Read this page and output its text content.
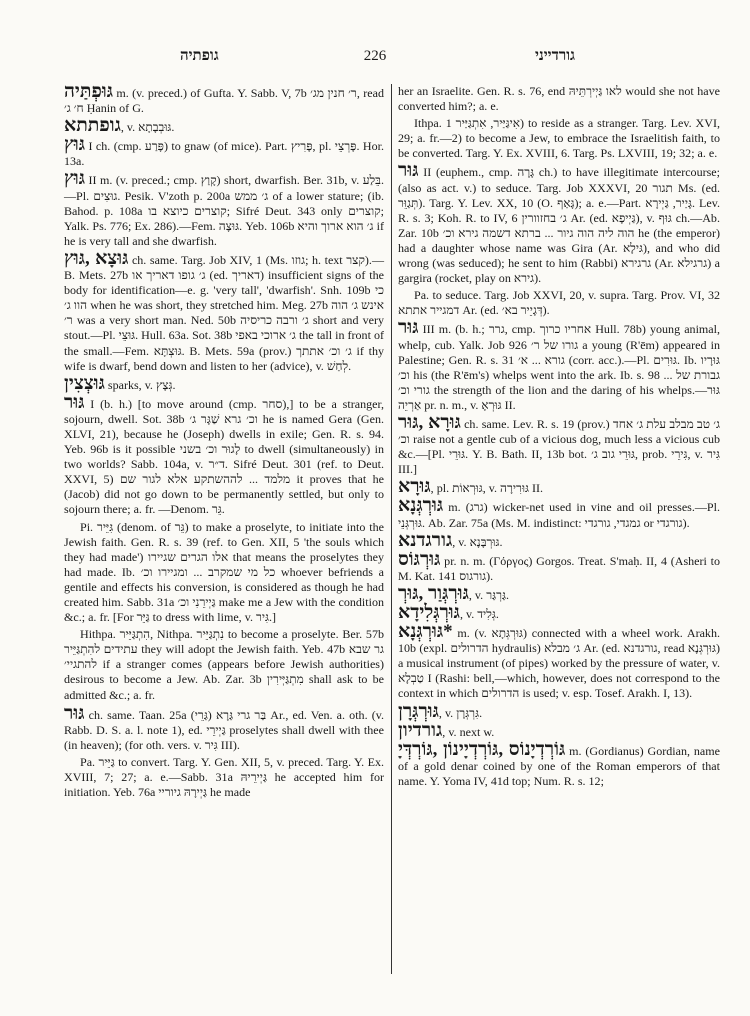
גופתיה	226	גורדייני
גּוּפְתַּיה m. (v. preced.) of Gufta. Y. Sabb. V, 7b ר׳ חנין מג׳, read ח׳ ג׳ Ḥanin of G.
גופתתא, v. גּוּבְבָתָא.
גּוּץ I ch. (cmp. פָּרַע) to gnaw (of mice). Part. פָּרִיץ, pl. פָּרְצֵי. Hor. 13a.
גּוּץ II m. (v. preced.; cmp. קָוַץ) short, dwarfish. Ber. 31b, v. בֵּלַע.—Pl. גוּצִים. Pesik. V'zoth p. 200a ג׳ ממש of a lower stature; (ib. Bahod. p. 108a קוצרים כיוצא בו; Sifré Deut. 343 only קוצרים; Yalk. Ps. 776; Ex. 286).—Fem. גּוּצָה. Yeb. 106b ג׳ הוא ארוך והיא if he is very tall and she dwarfish.
גּוּצָא ,גּוּץ ch. same. Targ. Job XIV, 1 (Ms. גוזו; h. text קצר).—B. Mets. 27b ג׳ גופו דאריך או (ed. דאריך) insufficient signs of the body for identification—e. g. 'very tall', 'dwarfish'. Snh. 109b כי הוו ג׳ when he was short, they stretched him. Meg. 27b אינש ג׳ הוה ר׳ was a very short man. Ned. 50b ג׳ ורבה כריסיה short and very stout.—Pl. גּוּצֵי. Hull. 63a. Sot. 38b ג׳ ארוכי באפי the tall in front of the small.—Fem. גּוּצְתָּא. B. Mets. 59a (prov.) ג׳ וכ׳ אתתך if thy wife is dwarf, bend down and listen to her (advice), v. לְחַשׁ.
גּוּצְצִין sparks, v. גְּצָץ.
גּוּר I (b. h.) [to move around (cmp. סחר),] to be a stranger, sojourn, dwell. Sot. 38b וכ׳ גרא שַׁגָּר ג׳ he is named Gera (Gen. XLVI, 21), because he (Joseph) dwells in exile; Gen. R. s. 94. Yeb. 96b is it possible לָגוּר וכ׳ בשני to dwell (simultaneously) in two worlds? Sabb. 104a, v. ד״ר. Sifré Deut. 301 (ref. to Deut. XXVI, 5) מלמד ... לההשתקע אלא לגור שם it proves that he (Jacob) did not go down to be permanently settled, but only to sojourn there; a. fr. —Denom. גֵּר.
Pi. גִּיֵּיר (denom. of גֵּר) to make a proselyte, to initiate into the Jewish faith. Gen. R. s. 39 (ref. to Gen. XII, 5 'the souls which they had made') אלו הגרים שגיירו that means the proselytes they had made. Ib. כל מי שמקרב ... ומגיירו וכ׳ whoever befriends a gentile and effects his conversion, is considered as though he had created him. Sabb. 31a גַּיְירֵנִי וכ׳ make me a Jew with the condition &c.; a. fr. [For גַּיֵּר to dress with lime, v. גִּיר.]
Hithpa. הִתְגַּיֵּיר, Nithpa. נִתְגַּיֵּיר to become a proselyte. Ber. 57b עתידים להִתְגַּיֵּיר they will adopt the Jewish faith. Yeb. 47b גר שבא להתגיי׳ if a stranger comes (appears before Jewish authorities) desirous to become a Jew. Ab. Zar. 3b מִתְגַּיְּירִין shall ask to be admitted &c.; a. fr.
גּוּר ch. same. Taan. 25a בַּר גרי גַּרָא (גַּרֵי) Ar., ed. Ven. a. oth. (v. Rabb. D. S. a. l. note 1), ed. גַּיְירֵי proselytes shall dwell with thee (in heaven); (for oth. vers. v. גִּיר III).
Pa. גַּיֵּיר to convert. Targ. Y. Gen. XII, 5, v. preced. Targ. Y. Ex. XVIII, 7; 27; a. e.—Sabb. 31a גַּיְירֵיהּ he accepted him for initiation. Yeb. 76a גַּיְירָהּ גיוריי he made
her an Israelite. Gen. R. s. 76, end לאו גַּיְירְתֵּיהּ would she not have converted him?; a. e.
Ithpa. אִיגַּיַּיר, אִתְגַּיַּיר 1) to reside as a stranger. Targ. Lev. XVI, 29; a. fr.—2) to become a Jew, to embrace the Israelitish faith, to be converted. Targ. Y. Ex. XVIII, 6. Targ. Ps. LXVIII, 19; 32; a. e.
גּוּר II (euphem., cmp. גָּרָה ch.) to have illegitimate intercourse; (also as act. v.) to seduce. Targ. Job XXXVI, 20 תגור Ms. (ed. תְּגַוֵּר). Targ. Y. Lev. XX, 10 (O. גָּאַף); a. e.—Part. גָּיַיר, גַּיְירָא. Lev. R. s. 3; Koh. R. to IV, 6 ג׳ בחזוורין Ar. (ed. גַּיְיפָא), v. גּוּף ch.—Ab. Zar. 10b הוה ליה הוה גיור ... ברתא דשמה גירא וכ׳ he (the emperor) had a daughter whose name was Gira (Ar. גּילָא), and who did wrong (was seduced); he sent to him (Rabbi) גרגירא (Ar. גרגילא) a gargira (rocket, play on גירא).
Pa. to seduce. Targ. Job XXVI, 20, v. supra. Targ. Prov. VI, 32 דמגייר אתתא Ar. (ed. דְּגָיֵיר בא׳).
גּוּר III m. (b. h.; גרר, cmp. אחריו כרוך Hull. 78b) young animal, whelp, cub. Yalk. Job 926 גורו של ר׳ a young (R'ēm) appeared in Palestine; Gen. R. s. 31 גורא ... א׳ (corr. acc.).—Pl. גּוּרִים. Ib. גּוּרָיו וכ׳ his (the R'ēm's) whelps went into the ark. Ib. s. 98 גבורת של ... גורי וכ׳ the strength of the lion and the daring of his whelps.—גּוּר אַרְיֵה pr. n. m., v. גּוּרְאָ II.
גּוּרָא ,גּוּר ch. same. Lev. R. s. 19 (prov.) ג׳ טב מבלב עלת ג׳ אחד וכ׳ raise not a gentle cub of a vicious dog, much less a vicious cub &c.—[Pl. גּוּרֵי. Y. B. Bath. II, 13b bot. גּוּרֵי גוב ג׳, prob. גִּירֵי, v. גִּיר III.]
גּוּרָא, pl. גּוּרְאוֹת, v. גּוּרִירָה II.
גּוּרְגְּנָא m. (גרג) wicker-net used in vine and oil presses.—Pl. גּוּרְגְּנֵי. Ab. Zar. 75a (Ms. M. indistinct: גמגדי, גורגדי or גורגדי).
גורגדנא, v. גּוּרְבָּנָא.
גּוּרְגּוֹס pr. n. m. (Γόργος) Gorgos. Treat. S'maḥ. II, 4 (Asheri to M. Kat. 141 גורגוס).
גּוּרְגְּוַר ,גּוּרְ, v. גַּרְגַּר.
גּוּרְגְּלִידָא, v. גְּלִיד.
*גּוּרְגְּנָא m. (v. גּוּרְגְּתָא) connected with a wheel work. Arakh. 10b (expl. הדרולים hydraulis) ג׳ מבלא Ar. (ed. גורגדנא, read גּוּרְגְּנָא) a musical instrument (of pipes) worked by the pressure of water, v. טַבְלָא I (Rashi: bell,—which, however, does not correspond to the context in which הדרולים is used; v. esp. Tosef. Arakh. I, 13).
גּוּרְגְּרָן, v. גִּרְגְּרָן.
גורדיון, v. next w.
גּוֹרְדְיָנוֹס ,גּוֹרְדְיָינוֹן ,גּוֹרְדְּיָ m. (Gordianus) Gordian, name of a gold denar coined by one of the Roman emperors of that name. Y. Yoma IV, 41d top; Num. R. s. 12;
